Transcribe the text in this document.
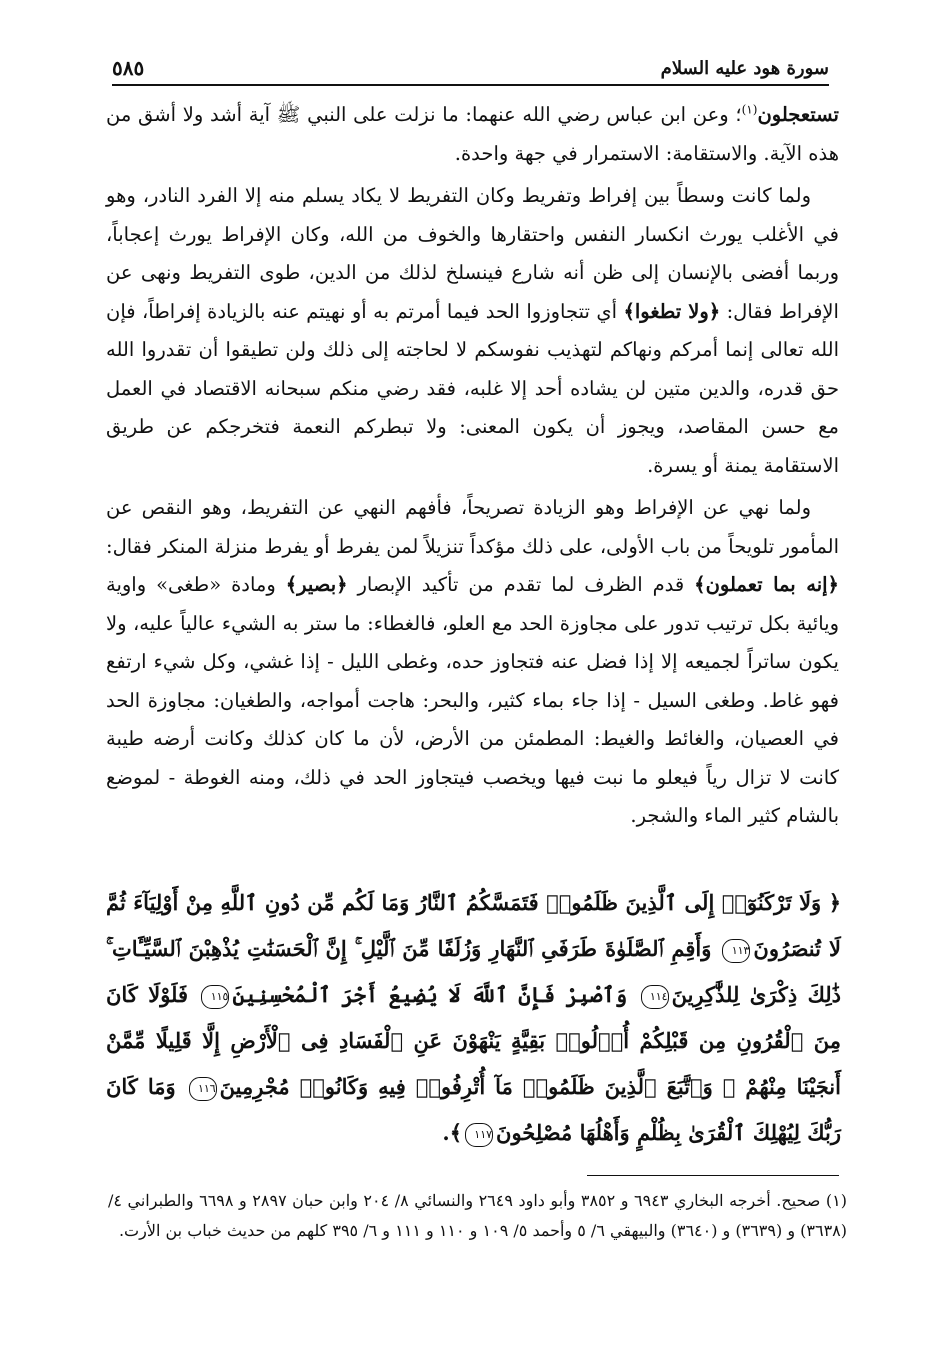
سورة هود عليه السلام
٥٨٥

تستعجلون$^{(١)}$؛ وعن ابن عباس رضي الله عنهما: ما نزلت على النبي ﷺ آية أشد ولا أشق من هذه الآية. والاستقامة: الاستمرار في جهة واحدة.

ولما كانت وسطاً بين إفراط وتفريط وكان التفريط لا يكاد يسلم منه إلا الفرد النادر، وهو في الأغلب يورث انكسار النفس واحتقارها والخوف من الله، وكان الإفراط يورث إعجاباً، وربما أفضى بالإنسان إلى ظن أنه شارع فينسلخ لذلك من الدين، طوى التفريط ونهى عن الإفراط فقال: ﴿ولا تطغوا﴾ أي تتجاوزوا الحد فيما أمرتم به أو نهيتم عنه بالزيادة إفراطاً، فإن الله تعالى إنما أمركم ونهاكم لتهذيب نفوسكم لا لحاجته إلى ذلك ولن تطيقوا أن تقدروا الله حق قدره، والدين متين لن يشاده أحد إلا غلبه، فقد رضي منكم سبحانه الاقتصاد في العمل مع حسن المقاصد، ويجوز أن يكون المعنى: ولا تبطركم النعمة فتخرجكم عن طريق الاستقامة يمنة أو يسرة.

ولما نهي عن الإفراط وهو الزيادة تصريحاً، فأفهم النهي عن التفريط، وهو النقص عن المأمور تلويحاً من باب الأولى، على ذلك مؤكداً تنزيلاً لمن يفرط أو يفرط منزلة المنكر فقال: ﴿إنه بما تعملون﴾ قدم الظرف لما تقدم من تأكيد الإبصار ﴿بصير﴾ ومادة «طغى» واوية ويائية بكل ترتيب تدور على مجاوزة الحد مع العلو، فالغطاء: ما ستر به الشيء عالياً عليه، ولا يكون ساتراً لجميعه إلا إذا فضل عنه فتجاوز حده، وغطى الليل - إذا غشي، وكل شيء ارتفع فهو غاط. وطغى السيل - إذا جاء بماء كثير، والبحر: هاجت أمواجه، والطغيان: مجاوزة الحد في العصيان، والغائط والغيط: المطمئن من الأرض، لأن ما كان كذلك وكانت أرضه طيبة كانت لا تزال رياً فيعلو ما نبت فيها ويخصب فيتجاوز الحد في ذلك، ومنه الغوطة - لموضع بالشام كثير الماء والشجر.

﴿ وَلَا تَرْكَنُوٓا۟ إِلَى ٱلَّذِينَ ظَلَمُوا۟ فَتَمَسَّكُمُ ٱلنَّارُ وَمَا لَكُم مِّن دُونِ ٱللَّهِ مِنْ أَوْلِيَآءَ ثُمَّ لَا تُنصَرُونَ١١٣ وَأَقِمِ ٱلصَّلَوٰةَ طَرَفَىِ ٱلنَّهَارِ وَزُلَفًا مِّنَ ٱلَّيْلِ ۚ إِنَّ ٱلْحَسَنَٰتِ يُذْهِبْنَ ٱلسَّيِّـَٔاتِ ۚ ذَٰلِكَ ذِكْرَىٰ لِلذَّٰكِرِينَ١١٤ وَٱصْبِرْ فَإِنَّ ٱللَّهَ لَا يُضِيعُ أَجْرَ ٱلْمُحْسِنِينَ١١٥ فَلَوْلَا كَانَ مِنَ ٱلْقُرُونِ مِن قَبْلِكُمْ أُو۟لُوا۟ بَقِيَّةٍ يَنْهَوْنَ عَنِ ٱلْفَسَادِ فِى ٱلْأَرْضِ إِلَّا قَلِيلًا مِّمَّنْ أَنجَيْنَا مِنْهُمْ ۗ وَٱتَّبَعَ ٱلَّذِينَ ظَلَمُوا۟ مَآ أُتْرِفُوا۟ فِيهِ وَكَانُوا۟ مُجْرِمِينَ١١٦ وَمَا كَانَ رَبُّكَ لِيُهْلِكَ ٱلْقُرَىٰ بِظُلْمٍ وَأَهْلُهَا مُصْلِحُونَ١١٧﴾.
(١) صحيح. أخرجه البخاري ٦٩٤٣ و ٣٨٥٢ وأبو داود ٢٦٤٩ والنسائي ٨/ ٢٠٤ وابن حبان ٢٨٩٧ و ٦٦٩٨ والطبراني ٤/ (٣٦٣٨) و (٣٦٣٩) و (٣٦٤٠) والبيهقي ٦/ ٥ وأحمد ٥/ ١٠٩ و ١١٠ و ١١١ و ٦/ ٣٩٥ كلهم من حديث خباب بن الأرت.
